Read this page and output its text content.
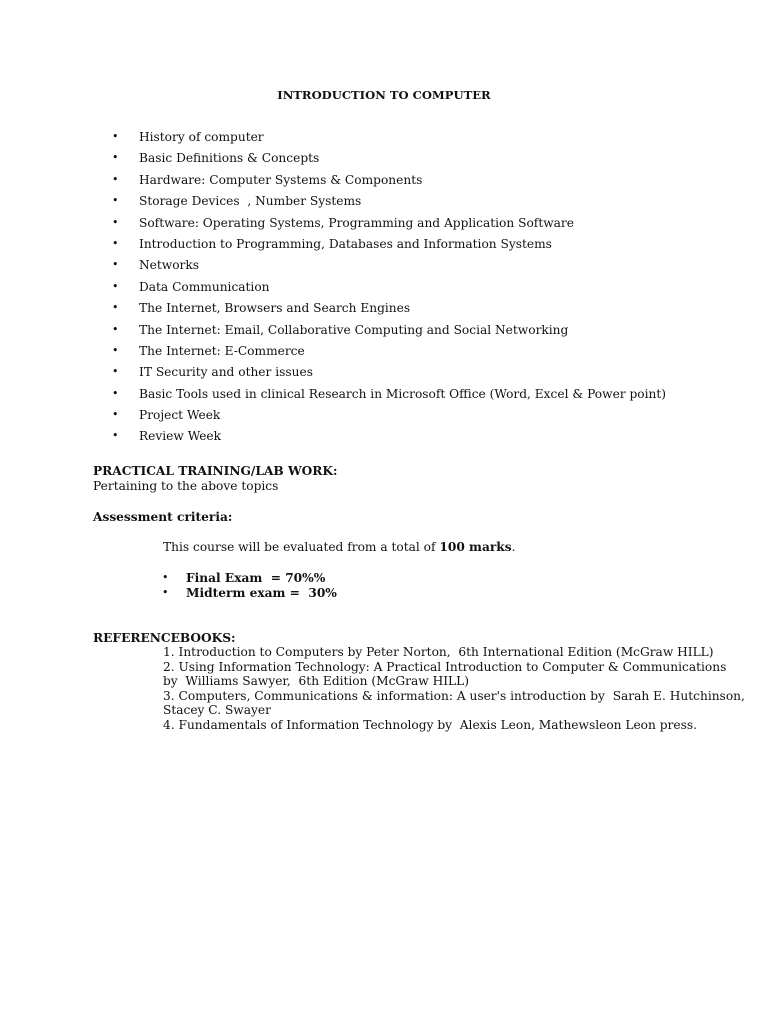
INTRODUCTION TO COMPUTER
•	History of computer
•	Basic Definitions & Concepts
•	Hardware: Computer Systems & Components
•	Storage Devices  , Number Systems
•	Software: Operating Systems, Programming and Application Software
•	Introduction to Programming, Databases and Information Systems
•	Networks
•	Data Communication
•	The Internet, Browsers and Search Engines
•	The Internet: Email, Collaborative Computing and Social Networking
•	The Internet: E-Commerce
•	IT Security and other issues
•	Basic Tools used in clinical Research in Microsoft Office (Word, Excel & Power point)
•	Project Week
•	Review Week
PRACTICAL TRAINING/LAB WORK:
Pertaining to the above topics
Assessment criteria:
This course will be evaluated from a total of 100 marks.
•	Final Exam  = 70%%
•	Midterm exam =  30%
REFERENCEBOOKS:
1. Introduction to Computers by Peter Norton,  6th International Edition (McGraw HILL)
2. Using Information Technology: A Practical Introduction to Computer & Communications
by  Williams Sawyer,  6th Edition (McGraw HILL)
3. Computers, Communications & information: A user's introduction by  Sarah E. Hutchinson,
Stacey C. Swayer
4. Fundamentals of Information Technology by  Alexis Leon, Mathewsleon Leon press.
